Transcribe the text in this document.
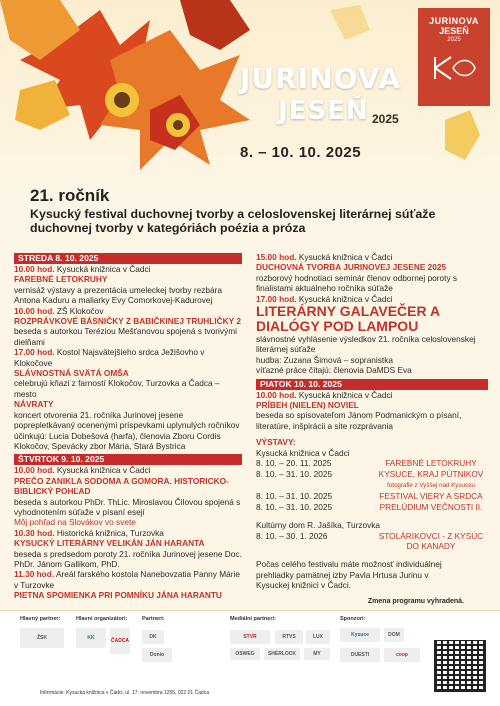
JURINOVA
JESEŇ
2025
JURINOVA
JESEŇ 2025
8. – 10. 10. 2025
21. ročník
Kysucký festival duchovnej tvorby a celoslovenskej literárnej súťaže duchovnej tvorby v kategóriách poézia a próza
STREDA 8. 10. 2025
10.00 hod. Kysucká knižnica v Čadci
FAREBNÉ LETOKRUHY
vernisáž výstavy a prezentácia umeleckej tvorby rezbára Antona Kaduru a maliarky Evy Comorkovej-Kadurovej
10.00 hod. ZŠ Klokočov
ROZPRÁVKOVÉ BÁSNIČKY Z BABIČKINEJ TRUHLIČKY 2
beseda s autorkou Teréziou Mešťanovou spojená s tvorivými dielňami
17.00 hod. Kostol Najsvätejšieho srdca Ježišovho v Klokočove
SLÁVNOSTNÁ SVÄTÁ OMŠA
celebrujú kňazi z farností Klokočov, Turzovka a Čadca – mesto
NÁVRATY
koncert otvorenia 21. ročníka Jurinovej jesene poprepletkávaný ocenenými príspevkami uplynulých ročníkov účinkujú: Lucia Dobešová (harfa), členovia Zboru Cordis Klokočov, Spevácky zbor Mária, Stará Bystrica
ŠTVRTOK 9. 10. 2025
10.00 hod. Kysucká knižnica v Čadci
PREČO ZANIKLA SODOMA A GOMORA. HISTORICKO-BIBLICKÝ POHĽAD
beseda s autorkou PhDr. ThLic. Miroslavou Čilovou spojená s vyhodnotením súťaže v písaní esejí
Môj pohľad na Slovákov vo svete
10.30 hod. Historická knižnica, Turzovka
KYSUCKÝ LITERÁRNY VELIKÁN JÁN HARANTA
beseda s predsedom poroty 21. ročníka Jurinovej jesene Doc. PhDr. Jánom Gallikom, PhD.
11.30 hod. Areál farského kostola Nanebovzatia Panny Márie v Turzovke
PIETNA SPOMIENKA PRI POMNÍKU JÁNA HARANTU
15.00 hod. Kysucká knižnica v Čadci
DUCHOVNÁ TVORBA JURINOVEJ JESENE 2025
rozborový hodnotiaci seminár členov odbornej poroty s finalistami aktuálneho ročníka súťaže
17.00 hod. Kysucká knižnica v Čadci
LITERÁRNY GALAVEČER A DIALÓGY POD LAMPOU
slávnostné vyhlásenie výsledkov 21. ročníka celoslovenskej literárnej súťaže
hudba: Zuzana Šimová – sopranistka
víťazné práce čítajú: členovia DaMDS Eva
PIATOK 10. 10. 2025
10.00 hod. Kysucká knižnica v Čadci
PRÍBEH (NIELEN) NOVIEL
beseda so spisovateľom Jánom Podmanickým o písaní, literatúre, inšpirácii a site rozprávania
VÝSTAVY:
Kysucká knižnica v Čadci
8. 10. – 20. 11. 2025	FAREBNÉ LETOKRUHY
8. 10. – 31. 10. 2025	KYSUCE, KRAJ PÚTNIKOV
fotografie z Vyššej nad Kysucou
8. 10. – 31. 10. 2025	FESTIVAL VIERY A SRDCA
8. 10. – 31. 10. 2025	PRELÚDIUM VEČNOSTI II.
Kultúrny dom R. Jašíka, Turzovka
8. 10. – 30. 1. 2026	STOLÁRIKOVCI - Z KYSÚC DO KANADY
Počas celého festivalu máte možnosť individuálnej prehliadky pamätnej izby Pavla Hrtusa Jurinu v Kysuckej knižnici v Čadci.
Zmena programu vyhradená.
Hlavný partner:	Hlavní organizátori:	Partneri:	Mediální partneri:	Sponzori:
ŽSK	KK	ČADCA
DK
Donio
STVR	RTVS	LUX
OSWEG	SHERLOCK	MY
Kysuce	DOM
DUESTI	coop
Informácie: Kysucká knižnica v Čadci, ul. 17. novembra 1255, 022 01 Čadca
